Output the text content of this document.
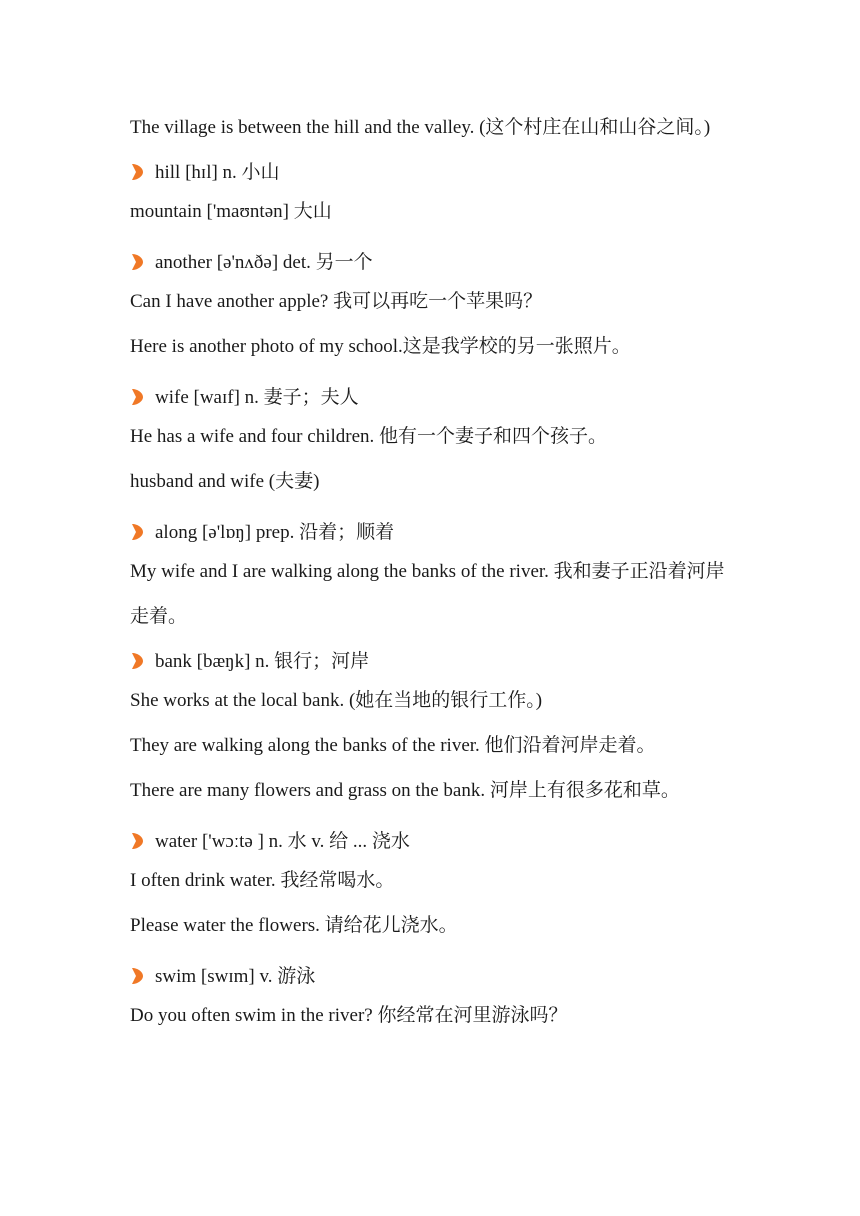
The village is between the hill and the valley. (这个村庄在山和山谷之间。)
hill [hɪl] n. 小山
mountain ['maʊntən] 大山
another [ə'nʌðə] det. 另一个
Can I have another apple? 我可以再吃一个苹果吗？
Here is another photo of my school.这是我学校的另一张照片。
wife [waɪf] n. 妻子；夫人
He has a wife and four children. 他有一个妻子和四个孩子。
husband and wife (夫妻)
along [ə'lɒŋ] prep. 沿着；顺着
My wife and I are walking along the banks of the river. 我和妻子正沿着河岸走着。
bank [bæŋk] n. 银行；河岸
She works at the local bank. (她在当地的银行工作。)
They are walking along the banks of the river. 他们沿着河岸走着。
There are many flowers and grass on the bank. 河岸上有很多花和草。
water ['wɔːtə ] n. 水 v. 给 ... 浇水
I often drink water. 我经常喝水。
Please water the flowers. 请给花儿浇水。
swim [swɪm] v. 游泳
Do you often swim in the river? 你经常在河里游泳吗？
